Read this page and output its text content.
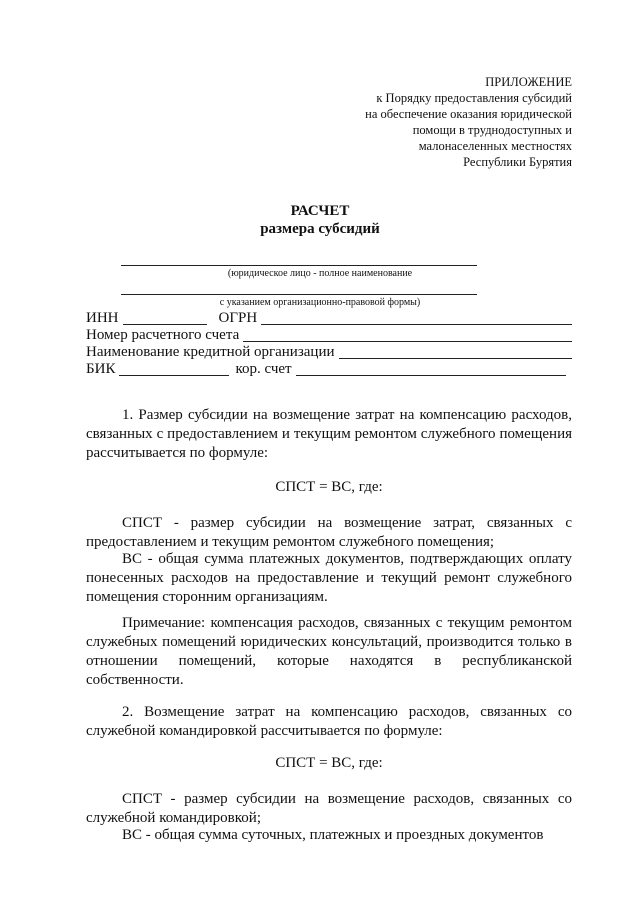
ПРИЛОЖЕНИЕ
к Порядку предоставления субсидий
на обеспечение оказания юридической
помощи в труднодоступных и
малонаселенных местностях
Республики Бурятия
РАСЧЕТ
размера субсидий
(юридическое лицо - полное наименование
с указанием организационно-правовой формы)
ИНН	ОГРН
Номер расчетного счета
Наименование кредитной организации
БИК	кор. счет
1. Размер субсидии на возмещение затрат на компенсацию расходов, связанных с предоставлением и текущим ремонтом служебного помещения рассчитывается по формуле:
СПСТ = ВС, где:
СПСТ - размер субсидии на возмещение затрат, связанных с предоставлением и текущим ремонтом служебного помещения;
ВС - общая сумма платежных документов, подтверждающих оплату понесенных расходов на предоставление и текущий ремонт служебного помещения сторонним организациям.
Примечание: компенсация расходов, связанных с текущим ремонтом служебных помещений юридических консультаций, производится только в отношении помещений, которые находятся в республиканской собственности.
2. Возмещение затрат на компенсацию расходов, связанных со служебной командировкой рассчитывается по формуле:
СПСТ = ВС, где:
СПСТ - размер субсидии на возмещение расходов, связанных со служебной командировкой;
ВС - общая сумма суточных, платежных и проездных документов
